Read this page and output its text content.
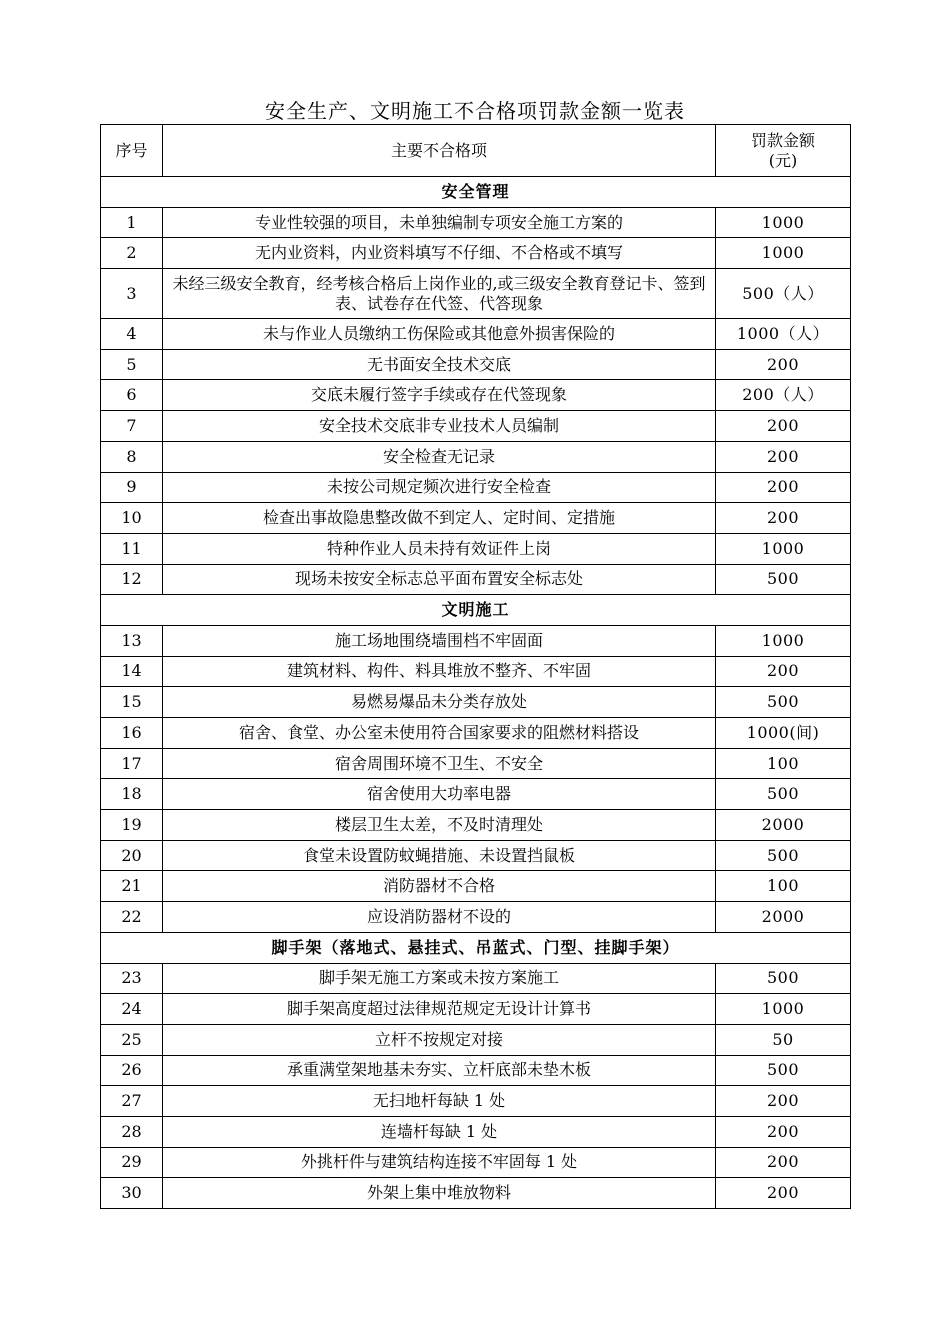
安全生产、文明施工不合格项罚款金额一览表
序号	主要不合格项	罚款金额
(元)
安全管理		
1	专业性较强的项目，未单独编制专项安全施工方案的	1000
2	无内业资料，内业资料填写不仔细、不合格或不填写	1000
3	未经三级安全教育，经考核合格后上岗作业的,或三级安全教育登记卡、签到表、试卷存在代签、代答现象	500（人）
4	未与作业人员缴纳工伤保险或其他意外损害保险的	1000（人）
5	无书面安全技术交底	200
6	交底未履行签字手续或存在代签现象	200（人）
7	安全技术交底非专业技术人员编制	200
8	安全检查无记录	200
9	未按公司规定频次进行安全检查	200
10	检查出事故隐患整改做不到定人、定时间、定措施	200
11	特种作业人员未持有效证件上岗	1000
12	现场未按安全标志总平面布置安全标志处	500
文明施工		
13	施工场地围绕墙围档不牢固面	1000
14	建筑材料、构件、料具堆放不整齐、不牢固	200
15	易燃易爆品未分类存放处	500
16	宿舍、食堂、办公室未使用符合国家要求的阻燃材料搭设	1000(间)
17	宿舍周围环境不卫生、不安全	100
18	宿舍使用大功率电器	500
19	楼层卫生太差，不及时清理处	2000
20	食堂未设置防蚊蝇措施、未设置挡鼠板	500
21	消防器材不合格	100
22	应设消防器材不设的	2000
脚手架（落地式、悬挂式、吊蓝式、门型、挂脚手架）		
23	脚手架无施工方案或未按方案施工	500
24	脚手架高度超过法律规范规定无设计计算书	1000
25	立杆不按规定对接	50
26	承重满堂架地基未夯实、立杆底部未垫木板	500
27	无扫地杆每缺 1 处	200
28	连墙杆每缺 1 处	200
29	外挑杆件与建筑结构连接不牢固每 1 处	200
30	外架上集中堆放物料	200
